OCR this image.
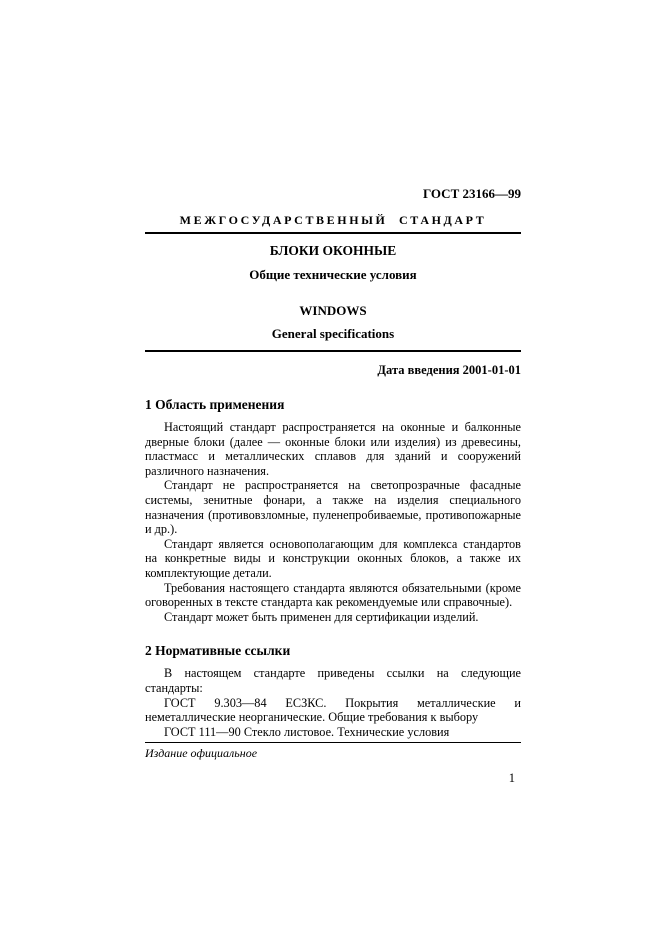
ГОСТ 23166—99
МЕЖГОСУДАРСТВЕННЫЙ СТАНДАРТ
БЛОКИ ОКОННЫЕ
Общие технические условия
WINDOWS
General specifications
Дата введения 2001-01-01
1 Область применения

Настоящий стандарт распространяется на оконные и балконные дверные блоки (далее — оконные блоки или изделия) из древесины, пластмасс и металлических сплавов для зданий и сооружений различного назначения.

Стандарт не распространяется на светопрозрачные фасадные системы, зенитные фонари, а также на изделия специального назначения (противовзломные, пуленепробиваемые, противопожарные и др.).

Стандарт является основополагающим для комплекса стандартов на конкретные виды и конструкции оконных блоков, а также их комплектующие детали.

Требования настоящего стандарта являются обязательными (кроме оговоренных в тексте стандарта как рекомендуемые или справочные).

Стандарт может быть применен для сертификации изделий.

2 Нормативные ссылки

В настоящем стандарте приведены ссылки на следующие стандарты:

ГОСТ 9.303—84 ЕСЗКС. Покрытия металлические и неметаллические неорганические. Общие требования к выбору

ГОСТ 111—90 Стекло листовое. Технические условия

Издание официальное
1
